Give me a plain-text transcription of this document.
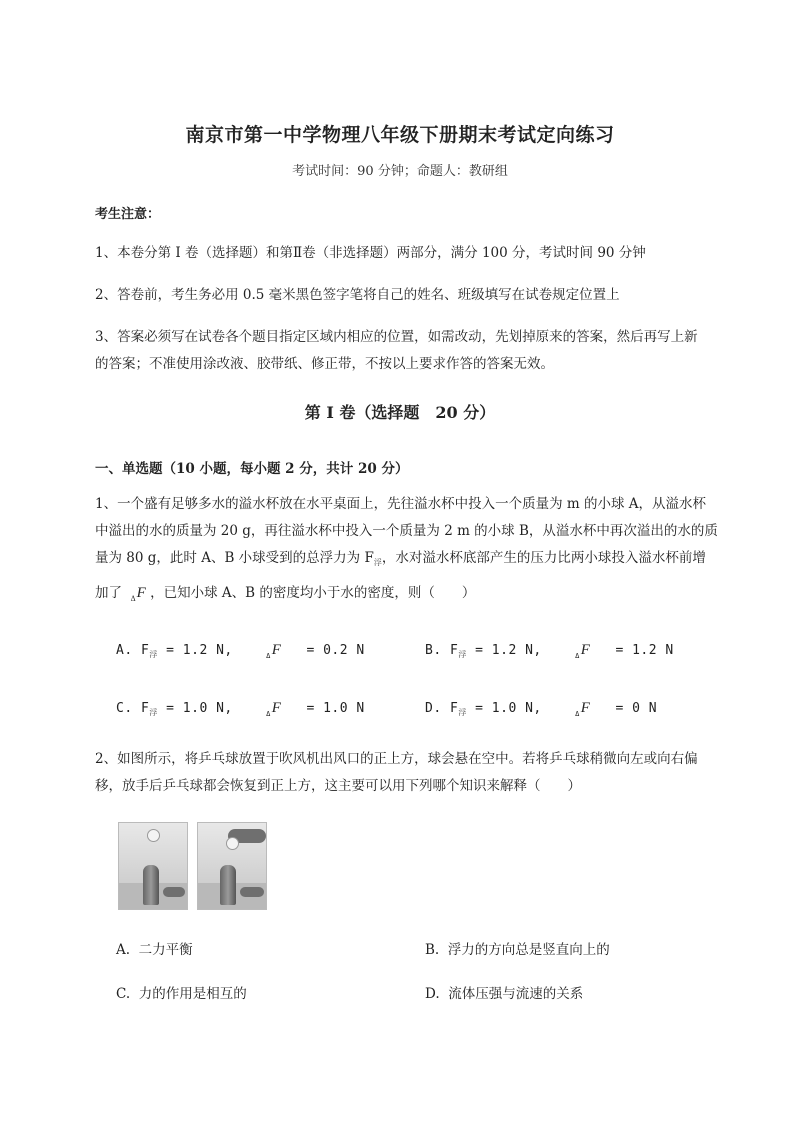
南京市第一中学物理八年级下册期末考试定向练习
考试时间：90 分钟；命题人：教研组
考生注意：
1、本卷分第 I 卷（选择题）和第Ⅱ卷（非选择题）两部分，满分 100 分，考试时间 90 分钟
2、答卷前，考生务必用 0.5 毫米黑色签字笔将自己的姓名、班级填写在试卷规定位置上
3、答案必须写在试卷各个题目指定区域内相应的位置，如需改动，先划掉原来的答案，然后再写上新
的答案；不准使用涂改液、胶带纸、修正带，不按以上要求作答的答案无效。
第 I 卷（选择题　20 分）
一、单选题（10 小题，每小题 2 分，共计 20 分）
1、一个盛有足够多水的溢水杯放在水平桌面上，先往溢水杯中投入一个质量为 m 的小球 A，从溢水杯
中溢出的水的质量为 20 g，再往溢水杯中投入一个质量为 2 m 的小球 B，从溢水杯中再次溢出的水的质
量为 80 g，此时 A、B 小球受到的总浮力为 $F_浮$，水对溢水杯底部产生的压力比两小球投入溢水杯前增
加了  $_\Delta$F ，已知小球 A、B 的密度均小于水的密度，则（　　）
A. $F_浮 = 1.2$ N,	$_\Delta$F = 0.2 N	B. $F_浮 = 1.2$ N,	$_\Delta$F = 1.2 N
C. $F_浮 = 1.0$ N,	$_\Delta$F = 1.0 N	D. $F_浮 = 1.0$ N,	$_\Delta$F = 0 N
2、如图所示，将乒乓球放置于吹风机出风口的正上方，球会悬在空中。若将乒乓球稍微向左或向右偏
移，放手后乒乓球都会恢复到正上方，这主要可以用下列哪个知识来解释（　　）
A. 二力平衡	B. 浮力的方向总是竖直向上的
C. 力的作用是相互的	D. 流体压强与流速的关系
